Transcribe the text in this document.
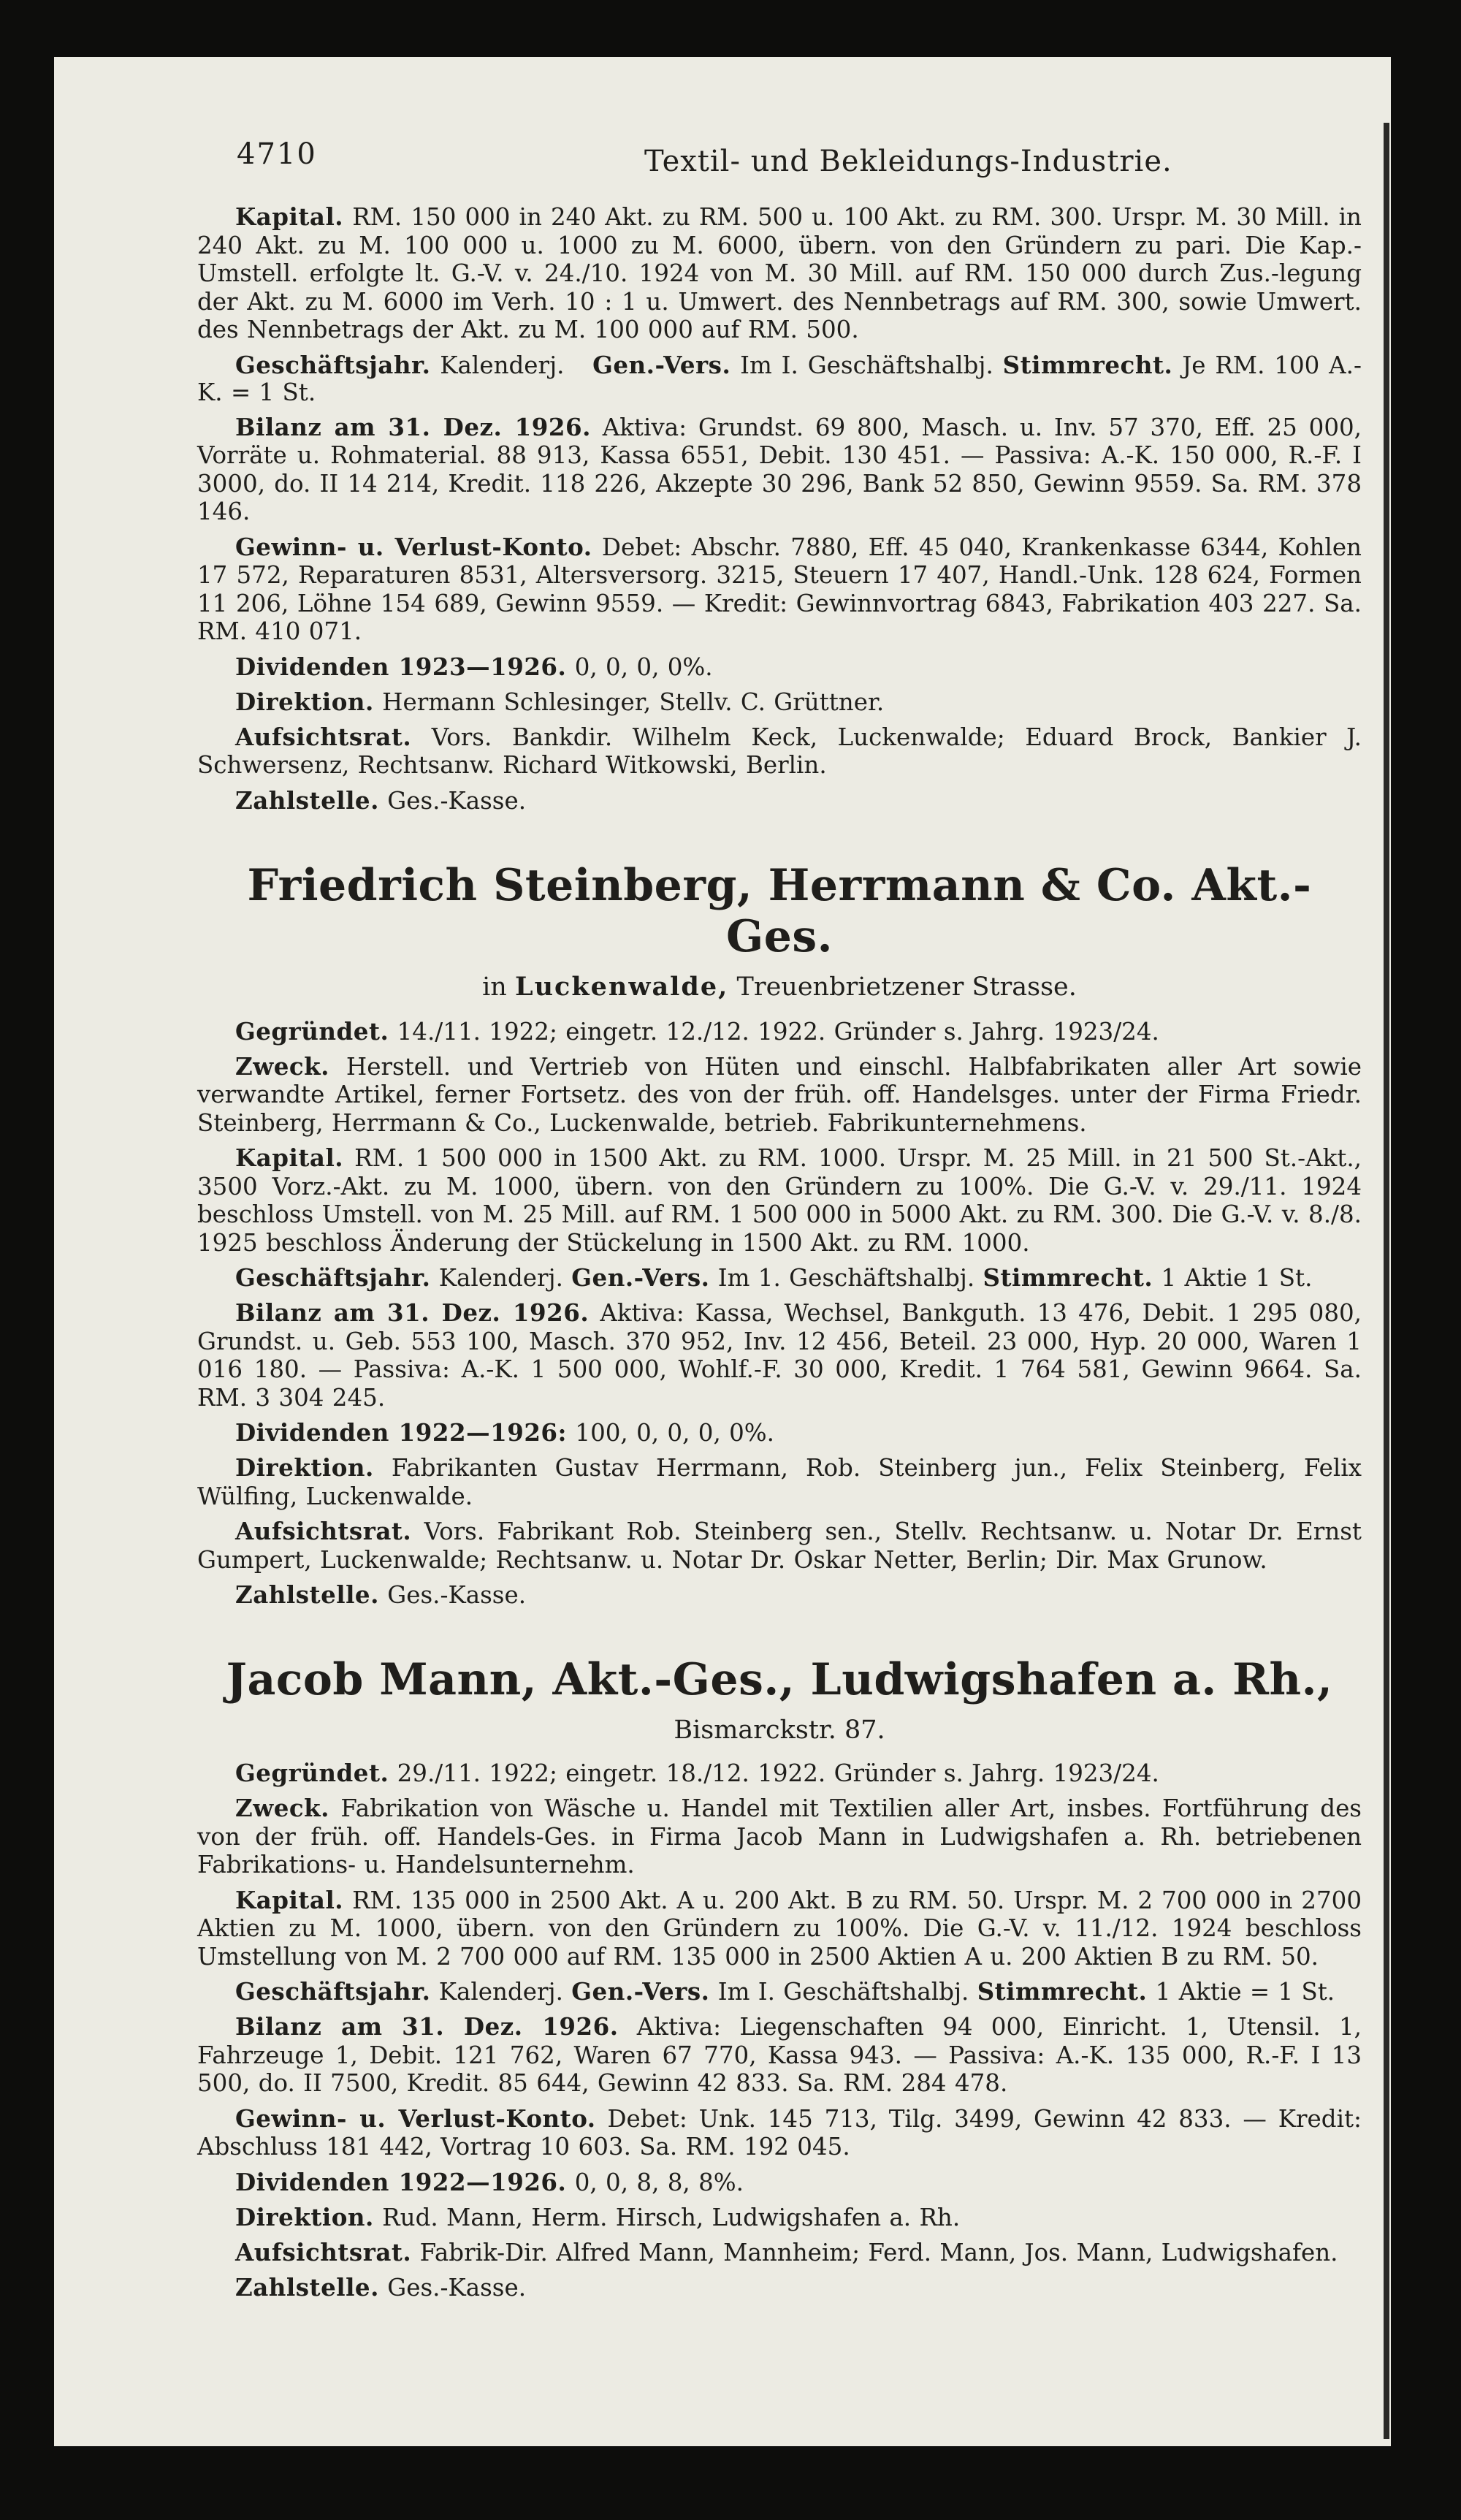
4710	Textil- und Bekleidungs-Industrie.

Kapital. RM. 150 000 in 240 Akt. zu RM. 500 u. 100 Akt. zu RM. 300. Urspr. M. 30 Mill. in 240 Akt. zu M. 100 000 u. 1000 zu M. 6000, übern. von den Gründern zu pari. Die Kap.-Umstell. erfolgte lt. G.-V. v. 24./10. 1924 von M. 30 Mill. auf RM. 150 000 durch Zus.-legung der Akt. zu M. 6000 im Verh. 10 : 1 u. Umwert. des Nennbetrags auf RM. 300, sowie Umwert. des Nennbetrags der Akt. zu M. 100 000 auf RM. 500.

Geschäftsjahr. Kalenderj. Gen.-Vers. Im I. Geschäftshalbj. Stimmrecht. Je RM. 100 A.-K. = 1 St.

Bilanz am 31. Dez. 1926. Aktiva: Grundst. 69 800, Masch. u. Inv. 57 370, Eff. 25 000, Vorräte u. Rohmaterial. 88 913, Kassa 6551, Debit. 130 451. — Passiva: A.-K. 150 000, R.-F. I 3000, do. II 14 214, Kredit. 118 226, Akzepte 30 296, Bank 52 850, Gewinn 9559. Sa. RM. 378 146.

Gewinn- u. Verlust-Konto. Debet: Abschr. 7880, Eff. 45 040, Krankenkasse 6344, Kohlen 17 572, Reparaturen 8531, Altersversorg. 3215, Steuern 17 407, Handl.-Unk. 128 624, Formen 11 206, Löhne 154 689, Gewinn 9559. — Kredit: Gewinnvortrag 6843, Fabrikation 403 227. Sa. RM. 410 071.

Dividenden 1923—1926. 0, 0, 0, 0%.

Direktion. Hermann Schlesinger, Stellv. C. Grüttner.

Aufsichtsrat. Vors. Bankdir. Wilhelm Keck, Luckenwalde; Eduard Brock, Bankier J. Schwersenz, Rechtsanw. Richard Witkowski, Berlin.

Zahlstelle. Ges.-Kasse.

Friedrich Steinberg, Herrmann & Co. Akt.-Ges.
in Luckenwalde, Treuenbrietzener Strasse.

Gegründet. 14./11. 1922; eingetr. 12./12. 1922. Gründer s. Jahrg. 1923/24.

Zweck. Herstell. und Vertrieb von Hüten und einschl. Halbfabrikaten aller Art sowie verwandte Artikel, ferner Fortsetz. des von der früh. off. Handelsges. unter der Firma Friedr. Steinberg, Herrmann & Co., Luckenwalde, betrieb. Fabrikunternehmens.

Kapital. RM. 1 500 000 in 1500 Akt. zu RM. 1000. Urspr. M. 25 Mill. in 21 500 St.-Akt., 3500 Vorz.-Akt. zu M. 1000, übern. von den Gründern zu 100%. Die G.-V. v. 29./11. 1924 beschloss Umstell. von M. 25 Mill. auf RM. 1 500 000 in 5000 Akt. zu RM. 300. Die G.-V. v. 8./8. 1925 beschloss Änderung der Stückelung in 1500 Akt. zu RM. 1000.

Geschäftsjahr. Kalenderj. Gen.-Vers. Im 1. Geschäftshalbj. Stimmrecht. 1 Aktie 1 St.

Bilanz am 31. Dez. 1926. Aktiva: Kassa, Wechsel, Bankguth. 13 476, Debit. 1 295 080, Grundst. u. Geb. 553 100, Masch. 370 952, Inv. 12 456, Beteil. 23 000, Hyp. 20 000, Waren 1 016 180. — Passiva: A.-K. 1 500 000, Wohlf.-F. 30 000, Kredit. 1 764 581, Gewinn 9664. Sa. RM. 3 304 245.

Dividenden 1922—1926: 100, 0, 0, 0, 0%.

Direktion. Fabrikanten Gustav Herrmann, Rob. Steinberg jun., Felix Steinberg, Felix Wülfing, Luckenwalde.

Aufsichtsrat. Vors. Fabrikant Rob. Steinberg sen., Stellv. Rechtsanw. u. Notar Dr. Ernst Gumpert, Luckenwalde; Rechtsanw. u. Notar Dr. Oskar Netter, Berlin; Dir. Max Grunow.

Zahlstelle. Ges.-Kasse.

Jacob Mann, Akt.-Ges., Ludwigshafen a. Rh.,
Bismarckstr. 87.

Gegründet. 29./11. 1922; eingetr. 18./12. 1922. Gründer s. Jahrg. 1923/24.

Zweck. Fabrikation von Wäsche u. Handel mit Textilien aller Art, insbes. Fortführung des von der früh. off. Handels-Ges. in Firma Jacob Mann in Ludwigshafen a. Rh. betriebenen Fabrikations- u. Handelsunternehm.

Kapital. RM. 135 000 in 2500 Akt. A u. 200 Akt. B zu RM. 50. Urspr. M. 2 700 000 in 2700 Aktien zu M. 1000, übern. von den Gründern zu 100%. Die G.-V. v. 11./12. 1924 beschloss Umstellung von M. 2 700 000 auf RM. 135 000 in 2500 Aktien A u. 200 Aktien B zu RM. 50.

Geschäftsjahr. Kalenderj. Gen.-Vers. Im I. Geschäftshalbj. Stimmrecht. 1 Aktie = 1 St.

Bilanz am 31. Dez. 1926. Aktiva: Liegenschaften 94 000, Einricht. 1, Utensil. 1, Fahrzeuge 1, Debit. 121 762, Waren 67 770, Kassa 943. — Passiva: A.-K. 135 000, R.-F. I 13 500, do. II 7500, Kredit. 85 644, Gewinn 42 833. Sa. RM. 284 478.

Gewinn- u. Verlust-Konto. Debet: Unk. 145 713, Tilg. 3499, Gewinn 42 833. — Kredit: Abschluss 181 442, Vortrag 10 603. Sa. RM. 192 045.

Dividenden 1922—1926. 0, 0, 8, 8, 8%.

Direktion. Rud. Mann, Herm. Hirsch, Ludwigshafen a. Rh.

Aufsichtsrat. Fabrik-Dir. Alfred Mann, Mannheim; Ferd. Mann, Jos. Mann, Ludwigshafen.

Zahlstelle. Ges.-Kasse.
